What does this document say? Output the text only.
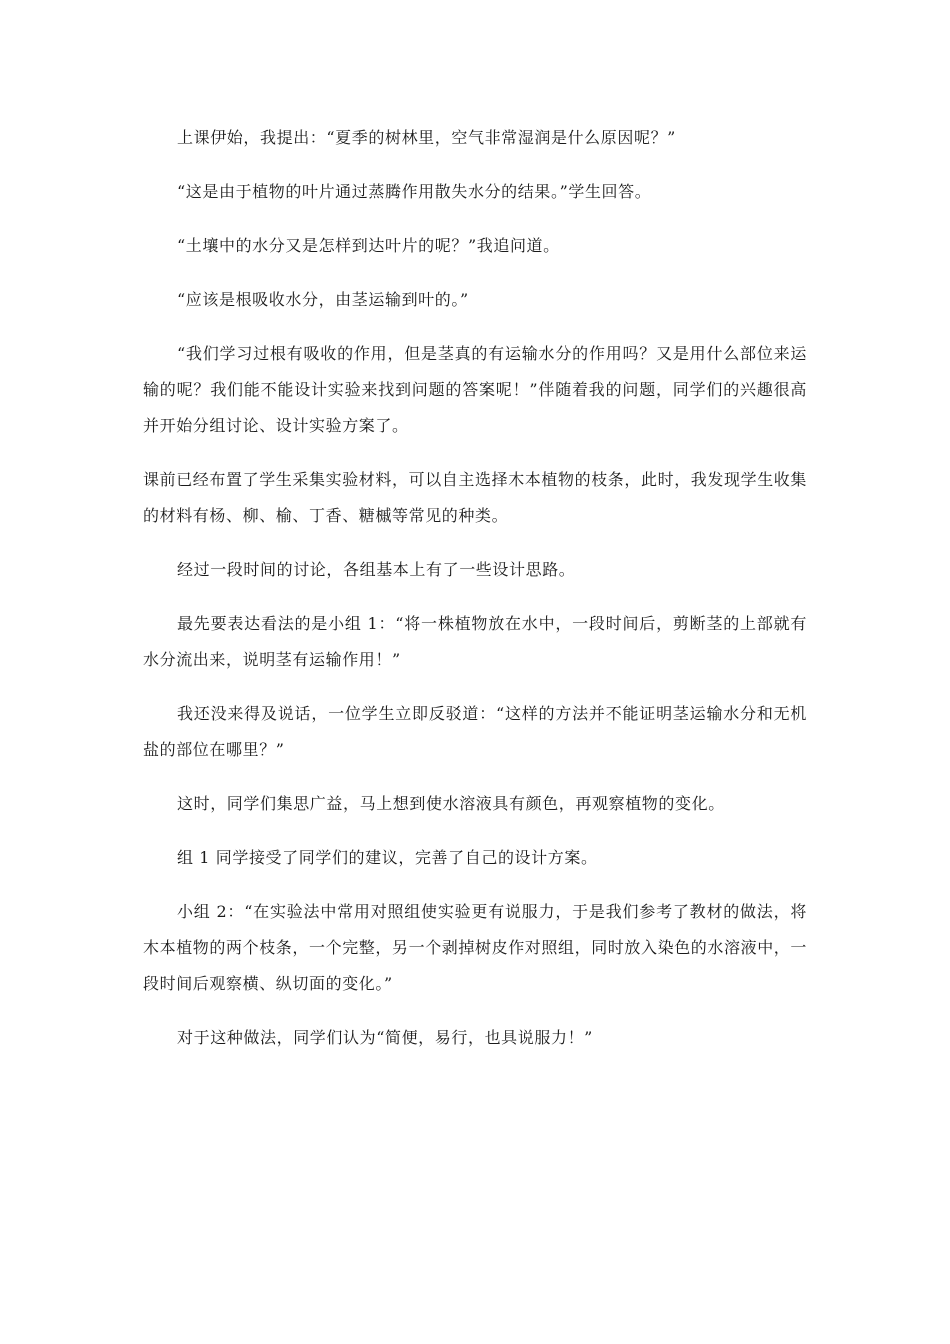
上课伊始，我提出：“夏季的树林里，空气非常湿润是什么原因呢？”

“这是由于植物的叶片通过蒸腾作用散失水分的结果。”学生回答。

“土壤中的水分又是怎样到达叶片的呢？”我追问道。

“应该是根吸收水分，由茎运输到叶的。”

“我们学习过根有吸收的作用，但是茎真的有运输水分的作用吗？又是用什么部位来运输的呢？我们能不能设计实验来找到问题的答案呢！”伴随着我的问题，同学们的兴趣很高并开始分组讨论、设计实验方案了。

课前已经布置了学生采集实验材料，可以自主选择木本植物的枝条，此时，我发现学生收集的材料有杨、柳、榆、丁香、糖槭等常见的种类。

经过一段时间的讨论，各组基本上有了一些设计思路。

最先要表达看法的是小组 1：“将一株植物放在水中，一段时间后，剪断茎的上部就有水分流出来，说明茎有运输作用！”

我还没来得及说话，一位学生立即反驳道：“这样的方法并不能证明茎运输水分和无机盐的部位在哪里？”

这时，同学们集思广益，马上想到使水溶液具有颜色，再观察植物的变化。

组 1 同学接受了同学们的建议，完善了自己的设计方案。

小组 2：“在实验法中常用对照组使实验更有说服力，于是我们参考了教材的做法，将木本植物的两个枝条，一个完整，另一个剥掉树皮作对照组，同时放入染色的水溶液中，一段时间后观察横、纵切面的变化。”

对于这种做法，同学们认为“简便，易行，也具说服力！”
